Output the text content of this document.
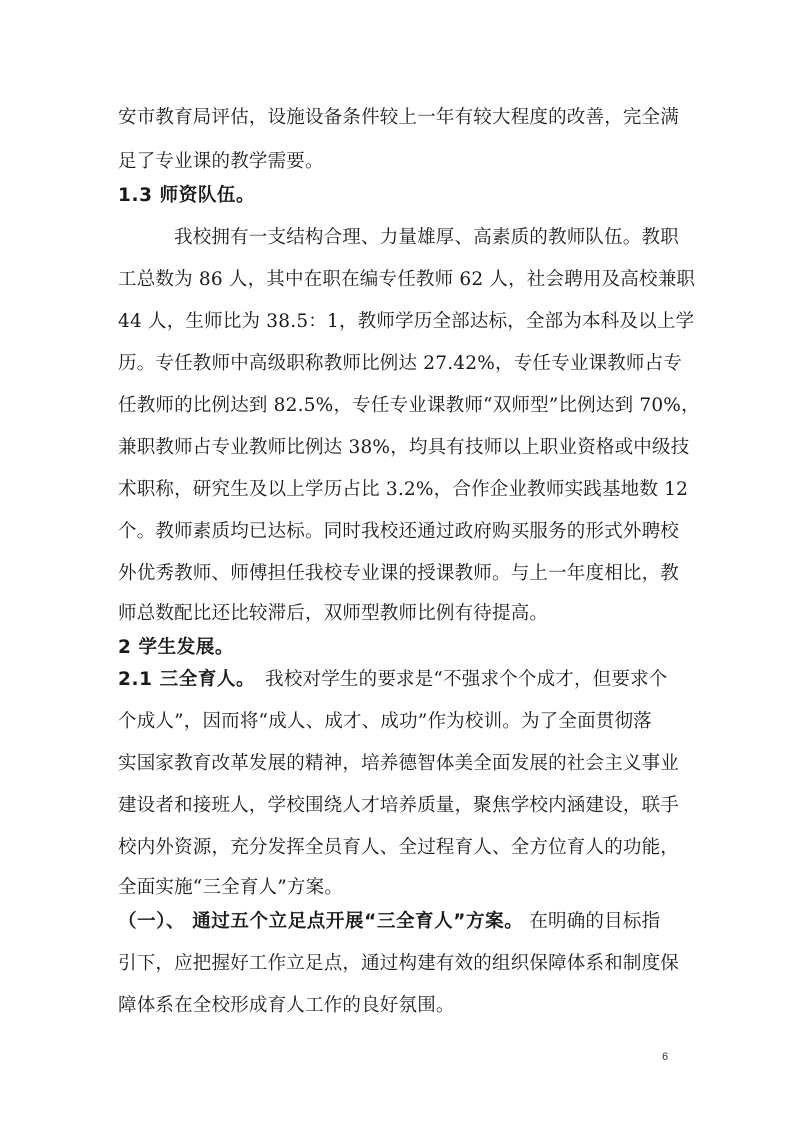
安市教育局评估，设施设备条件较上一年有较大程度的改善，完全满
足了专业课的教学需要。
1.3 师资队伍。
我校拥有一支结构合理、力量雄厚、高素质的教师队伍。教职
工总数为 86 人，其中在职在编专任教师 62 人，社会聘用及高校兼职
44 人，生师比为 38.5：1，教师学历全部达标，全部为本科及以上学
历。专任教师中高级职称教师比例达 27.42%，专任专业课教师占专
任教师的比例达到 82.5%，专任专业课教师“双师型”比例达到 70%，
兼职教师占专业教师比例达 38%，均具有技师以上职业资格或中级技
术职称，研究生及以上学历占比 3.2%，合作企业教师实践基地数 12
个。教师素质均已达标。同时我校还通过政府购买服务的形式外聘校
外优秀教师、师傅担任我校专业课的授课教师。与上一年度相比，教
师总数配比还比较滞后，双师型教师比例有待提高。
2 学生发展。
2.1 三全育人。 我校对学生的要求是“不强求个个成才，但要求个
个成人”，因而将“成人、成才、成功”作为校训。为了全面贯彻落
实国家教育改革发展的精神，培养德智体美全面发展的社会主义事业
建设者和接班人，学校围绕人才培养质量，聚焦学校内涵建设，联手
校内外资源，充分发挥全员育人、全过程育人、全方位育人的功能，
全面实施“三全育人”方案。
（一）、 通过五个立足点开展“三全育人”方案。 在明确的目标指
引下，应把握好工作立足点，通过构建有效的组织保障体系和制度保
障体系在全校形成育人工作的良好氛围。
6
